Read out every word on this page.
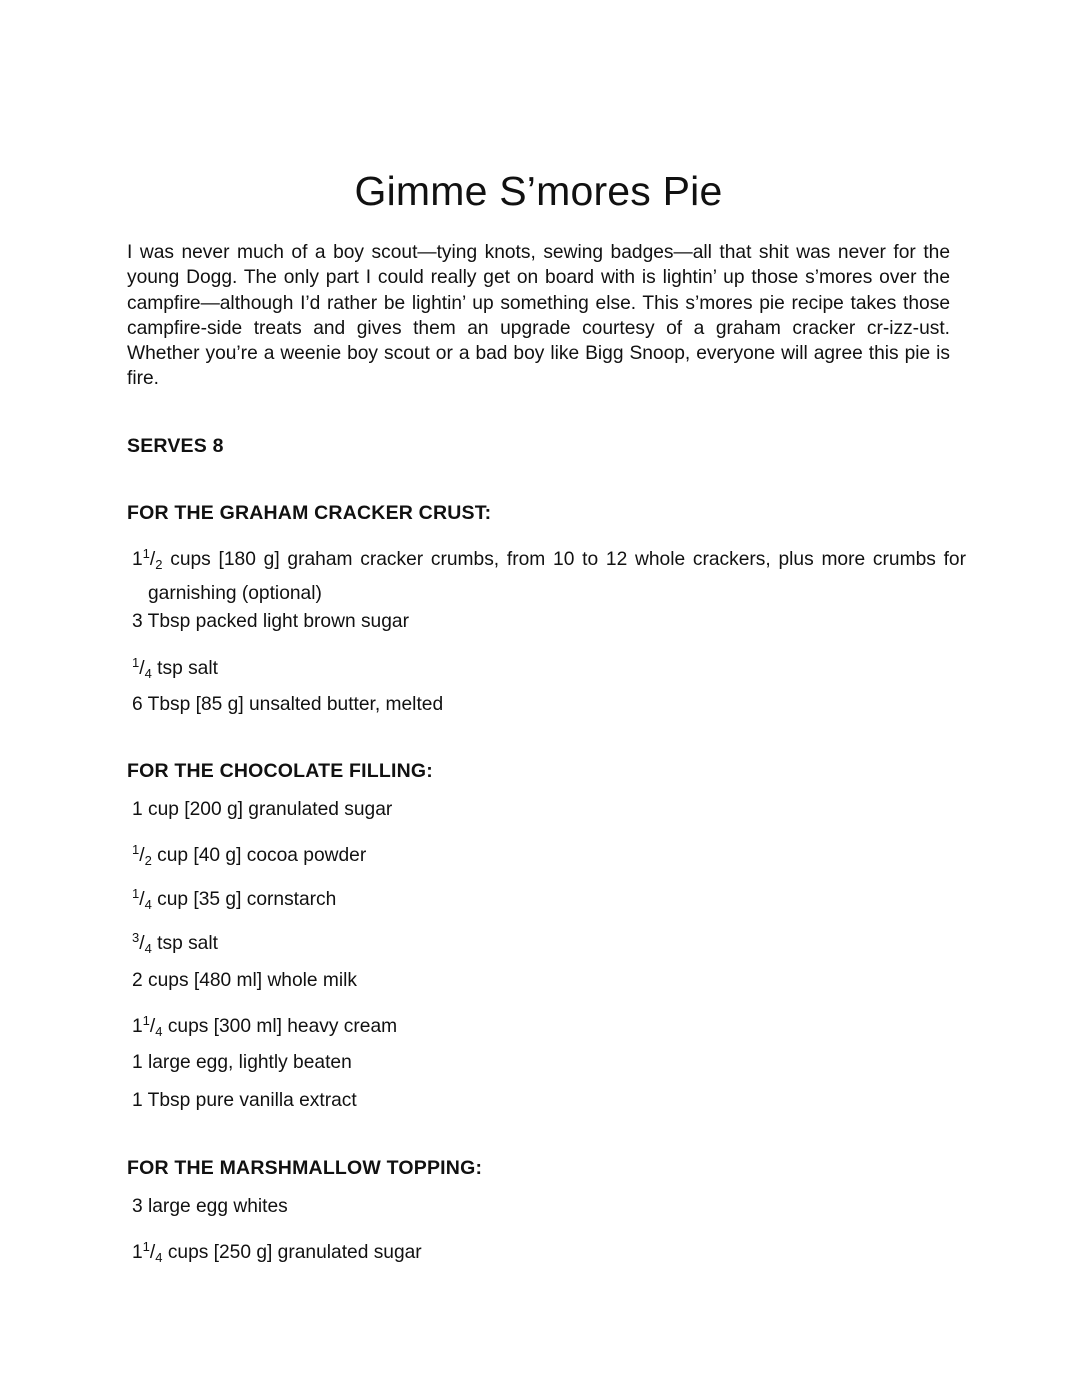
Gimme S’mores Pie

I was never much of a boy scout—tying knots, sewing badges—all that shit was never for the young Dogg. The only part I could really get on board with is lightin’ up those s’mores over the campfire—although I’d rather be lightin’ up something else. This s’mores pie recipe takes those campfire-side treats and gives them an upgrade courtesy of a graham cracker cr-izz-ust. Whether you’re a weenie boy scout or a bad boy like Bigg Snoop, everyone will agree this pie is fire.

SERVES 8

FOR THE GRAHAM CRACKER CRUST:
$1^1/_2$ cups [180 g] graham cracker crumbs, from 10 to 12 whole crackers, plus more crumbs for garnishing (optional)
3 Tbsp packed light brown sugar
$^1/_4$ tsp salt
6 Tbsp [85 g] unsalted butter, melted
FOR THE CHOCOLATE FILLING:
1 cup [200 g] granulated sugar
$^1/_2$ cup [40 g] cocoa powder
$^1/_4$ cup [35 g] cornstarch
$^3/_4$ tsp salt
2 cups [480 ml] whole milk
$1^1/_4$ cups [300 ml] heavy cream
1 large egg, lightly beaten
1 Tbsp pure vanilla extract
FOR THE MARSHMALLOW TOPPING:
3 large egg whites
$1^1/_4$ cups [250 g] granulated sugar
